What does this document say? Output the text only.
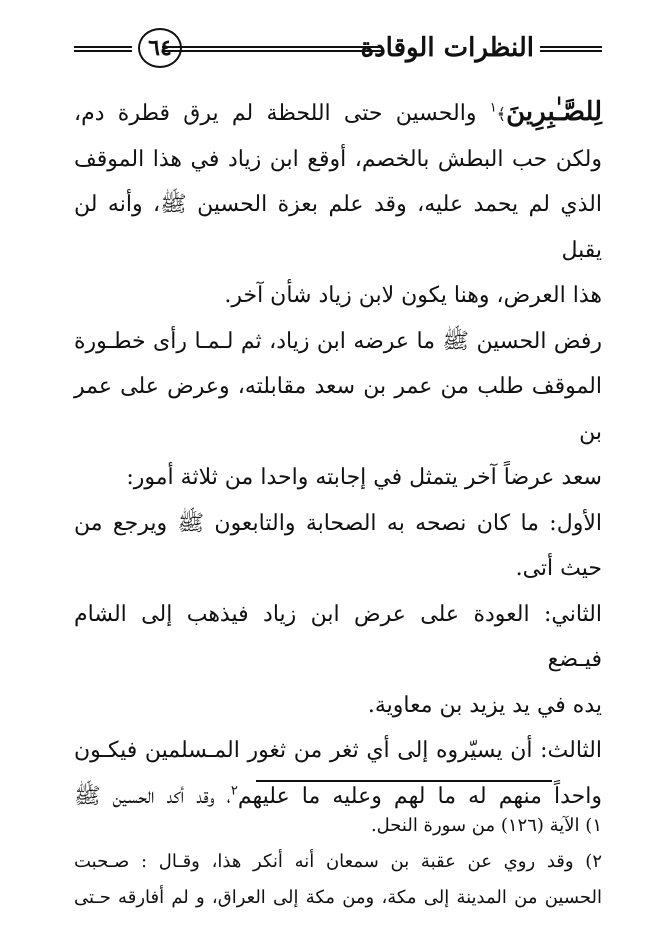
النظرات الوقادة
٦٤

لِلصَّـٰبِرِينَ﴾$^١$ والحسين حتى اللحظة لم يرق قطرة دم،

ولكن حب البطش بالخصم، أوقع ابن زياد في هذا الموقف

الذي لم يحمد عليه، وقد علم بعزة الحسين ﷺ، وأنه لن يقبل

هذا العرض، وهنا يكون لابن زياد شأن آخر.

رفض الحسين ﷺ ما عرضه ابن زياد، ثم لـمـا رأى خطـورة

الموقف طلب من عمر بن سعد مقابلته، وعرض على عمر بن

سعد عرضاً آخر يتمثل في إجابته واحدا من ثلاثة أمور:

الأول: ما كان نصحه به الصحابة والتابعون ﷺ ويرجع من

حيث أتى.

الثاني: العودة على عرض ابن زياد فيذهب إلى الشام فيـضع

يده في يد يزيد بن معاوية.

الثالث: أن يسيّروه إلى أي ثغر من ثغور المـسلمين فيكـون

واحداً منهم له ما لهم وعليه ما عليهم$^٢$، وقد أكد الحسين ﷺ

١) الآية (١٢٦) من سورة النحل.

٢) وقد روي عن عقبة بن سمعان أنه أنكر هذا، وقـال : صـحبت

الحسين من المدينة إلى مكة، ومن مكة إلى العراق، و لم أفارقه حـتى
